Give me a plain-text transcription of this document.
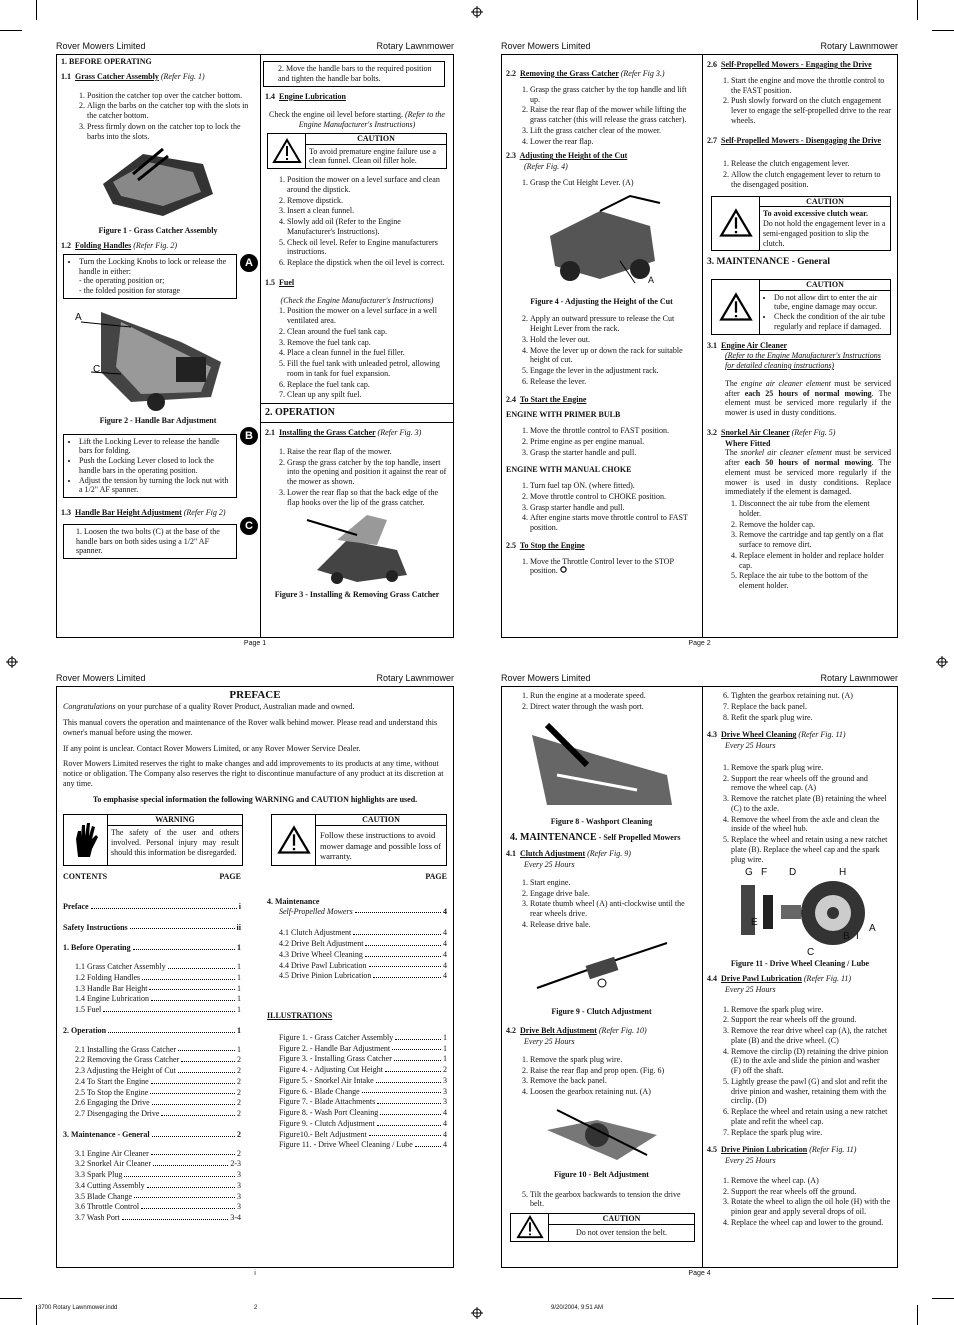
Rover Mowers Limited	Rotary Lawnmower
1. BEFORE OPERATING
1.1 Grass Catcher Assembly (Refer Fig. 1)
1. Position the catcher top over the catcher bottom.
2. Align the barbs on the catcher top with the slots in the catcher bottom.
3. Press firmly down on the catcher top to lock the barbs into the slots.
Figure 1 - Grass Catcher Assembly
1.2 Folding Handles (Refer Fig. 2)
• Turn the Locking Knobs to lock or release the handle in either:
- the operating position or;
- the folded position for storage
A
A
C
Figure 2 - Handle Bar Adjustment
• Lift the Locking Lever to release the handle bars for folding.
• Push the Locking Lever closed to lock the handle bars in the operating position.
• Adjust the tension by turning the lock nut with a 1/2" AF spanner.
B
1.3 Handle Bar Height Adjustment (Refer Fig 2)
1. Loosen the two bolts (C) at the base of the handle bars on both sides using a 1/2" AF spanner.
C
2. Move the handle bars to the required position and tighten the handle bar bolts.
1.4 Engine Lubrication
Check the engine oil level before starting. (Refer to the Engine Manufacturer's Instructions)
CAUTION
To avoid premature engine failure use a clean funnel. Clean oil filler hole.
1. Position the mower on a level surface and clean around the dipstick.
2. Remove dipstick.
3. Insert a clean funnel.
4. Slowly add oil (Refer to the Engine Manufacturer's Instructions).
5. Check oil level. Refer to Engine manufacturers instructions.
6. Replace the dipstick when the oil level is correct.
1.5 Fuel
(Check the Engine Manufacturer's Instructions)
1. Position the mower on a level surface in a well ventilated area.
2. Clean around the fuel tank cap.
3. Remove the fuel tank cap.
4. Place a clean funnel in the fuel filler.
5. Fill the fuel tank with unleaded petrol, allowing room in tank for fuel expansion.
6. Replace the fuel tank cap.
7. Clean up any spilt fuel.
2. OPERATION
2.1 Installing the Grass Catcher (Refer Fig. 3)
1. Raise the rear flap of the mower.
2. Grasp the grass catcher by the top handle, insert into the opening and position it against the rear of the mower as shown.
3. Lower the rear flap so that the back edge of the flap hooks over the lip of the grass catcher.
Figure 3 - Installing & Removing Grass Catcher
Page 1
Rover Mowers Limited	Rotary Lawnmower
2.2 Removing the Grass Catcher (Refer Fig 3.)
1. Grasp the grass catcher by the top handle and lift up.
2. Raise the rear flap of the mower while lifting the grass catcher (this will release the grass catcher).
3. Lift the grass catcher clear of the mower.
4. Lower the rear flap.
2.3 Adjusting the Height of the Cut
(Refer Fig. 4)
1. Grasp the Cut Height Lever. (A)
A
Figure 4 - Adjusting the Height of the Cut
2. Apply an outward pressure to release the Cut Height Lever from the rack.
3. Hold the lever out.
4. Move the lever up or down the rack for suitable height of cut.
5. Engage the lever in the adjustment rack.
6. Release the lever.
2.4 To Start the Engine
ENGINE WITH PRIMER BULB
1. Move the throttle control to FAST position.
2. Prime engine as per engine manual.
3. Grasp the starter handle and pull.
ENGINE WITH MANUAL CHOKE
1. Turn fuel tap ON. (where fitted).
2. Move throttle control to CHOKE position.
3. Grasp starter handle and pull.
4. After engine starts move throttle control to FAST position.
2.5 To Stop the Engine
1. Move the Throttle Control lever to the STOP position.
2.6 Self-Propelled Mowers - Engaging the Drive
1. Start the engine and move the throttle control to the FAST position.
2. Push slowly forward on the clutch engagement lever to engage the self-propelled drive to the rear wheels.
2.7 Self-Propelled Mowers - Disengaging the Drive
1. Release the clutch engagement lever.
2. Allow the clutch engagement lever to return to the disengaged position.
CAUTION
To avoid excessive clutch wear.
Do not hold the engagement lever in a semi-engaged position to slip the clutch.
3. MAINTENANCE - General
CAUTION
• Do not allow dirt to enter the air tube, engine damage may occur.
• Check the condition of the air tube regularly and replace if damaged.
3.1 Engine Air Cleaner
(Refer to the Engine Manufacturer's Instructions for detailed cleaning instructions)
The engine air cleaner element must be serviced after each 25 hours of normal mowing. The element must be serviced more regularly if the mower is used in dusty conditions.
3.2 Snorkel Air Cleaner (Refer Fig. 5)
Where Fitted
The snorkel air cleaner element must be serviced after each 50 hours of normal mowing. The element must be serviced more regularly if the mower is used in dusty conditions. Replace immediately if the element is damaged.
1. Disconnect the air tube from the element holder.
2. Remove the holder cap.
3. Remove the cartridge and tap gently on a flat surface to remove dirt.
4. Replace element in holder and replace holder cap.
5. Replace the air tube to the bottom of the element holder.
Page 2
Rover Mowers Limited	Rotary Lawnmower
PREFACE

Congratulations on your purchase of a quality Rover Product, Australian made and owned.

This manual covers the operation and maintenance of the Rover walk behind mower. Please read and understand this owner's manual before using the mower.

If any point is unclear. Contact Rover Mowers Limited, or any Rover Mower Service Dealer.

Rover Mowers Limited reserves the right to make changes and add improvements to its products at any time, without notice or obligation. The Company also reserves the right to discontinue manufacture of any product at its discretion at any time.

To emphasise special information the following WARNING and CAUTION highlights are used.
WARNING
The safety of the user and others involved. Personal injury may result should this information be disregarded.
CAUTION
Follow these instructions to avoid mower damage and possible loss of warranty.
CONTENTS	PAGE
Preface	i
Safety Instructions	ii
1. Before Operating	1
1.1 Grass Catcher Assembly	1
1.2 Folding Handles	1
1.3 Handle Bar Height	1
1.4 Engine Lubrication	1
1.5 Fuel	1
2. Operation	1
2.1 Installing the Grass Catcher	1
2.2 Removing the Grass Catcher	2
2.3 Adjusting the Height of Cut	2
2.4 To Start the Engine	2
2.5 To Stop the Engine	2
2.6 Engaging the Drive	2
2.7 Disengaging the Drive	2
3. Maintenance - General	2
3.1 Engine Air Cleaner	2
3.2 Snorkel Air Cleaner	2-3
3.3 Spark Plug	3
3.4 Cutting Assembly	3
3.5 Blade Change	3
3.6 Throttle Control	3
3.7 Wash Port	3-4
PAGE
4. Maintenance
Self-Propelled Mowers	4
4.1 Clutch Adjustment	4
4.2 Drive Belt Adjustment	4
4.3 Drive Wheel Cleaning	4
4.4 Drive Pawl Lubrication	4
4.5 Drive Pinion Lubrication	4
ILLUSTRATIONS
Figure 1. - Grass Catcher Assembly	1
Figure 2. - Handle Bar Adjustment	1
Figure 3. - Installing Grass Catcher	1
Figure 4. - Adjusting Cut Height	2
Figure 5. - Snorkel Air Intake	3
Figure 6. - Blade Change	3
Figure 7. - Blade Attachments	3
Figure 8. - Wash Port Cleaning	4
Figure 9. - Clutch Adjustment	4
Figure10.- Belt Adjustment	4
Figure 11. - Drive Wheel Cleaning / Lube	4
i
Rover Mowers Limited	Rotary Lawnmower
1. Run the engine at a moderate speed.
2. Direct water through the wash port.
Figure 8 - Washport Cleaning
4. MAINTENANCE - Self Propelled Mowers
4.1 Clutch Adjustment (Refer Fig. 9)
Every 25 Hours
1. Start engine.
2. Engage drive bale.
3. Rotate thumb wheel (A) anti-clockwise until the rear wheels drive.
4. Release drive bale.
Figure 9 - Clutch Adjustment
4.2 Drive Belt Adjustment (Refer Fig. 10)
Every 25 Hours
1. Remove the spark plug wire.
2. Raise the rear flap and prop open. (Fig. 6)
3. Remove the back panel.
4. Loosen the gearbox retaining nut. (A)
Figure 10 - Belt Adjustment
5. Tilt the gearbox backwards to tension the drive belt.
CAUTION
Do not over tension the belt.
6. Tighten the gearbox retaining nut. (A)
7. Replace the back panel.
8. Refit the spark plug wire.
4.3 Drive Wheel Cleaning (Refer Fig. 11)
Every 25 Hours
1. Remove the spark plug wire.
2. Support the rear wheels off the ground and remove the wheel cap. (A)
3. Remove the ratchet plate (B) retaining the wheel (C) to the axle.
4. Remove the wheel from the axle and clean the inside of the wheel hub.
5. Replace the wheel and retain using a new ratchet plate (B). Replace the wheel cap and the spark plug wire.
G F D	H
E
B I
A
C
Figure 11 - Drive Wheel Cleaning / Lube
4.4 Drive Pawl Lubrication (Refer Fig. 11)
Every 25 Hours
1. Remove the spark plug wire.
2. Support the rear wheels off the ground.
3. Remove the rear drive wheel cap (A), the ratchet plate (B) and the drive wheel. (C)
4. Remove the circlip (D) retaining the drive pinion (E) to the axle and slide the pinion and washer (F) off the shaft.
5. Lightly grease the pawl (G) and slot and refit the drive pinion and washer, retaining them with the circlip. (D)
6. Replace the wheel and retain using a new ratchet plate and refit the wheel cap.
7. Replace the spark plug wire.
4.5 Drive Pinion Lubrication (Refer Fig. 11)
Every 25 Hours
1. Remove the wheel cap. (A)
2. Support the rear wheels off the ground.
3. Rotate the wheel to align the oil hole (H) with the pinion gear and apply several drops of oil.
4. Replace the wheel cap and lower to the ground.
Page 4
3700 Rotary Lawnmower.indd	2	9/20/2004, 9:51 AM
